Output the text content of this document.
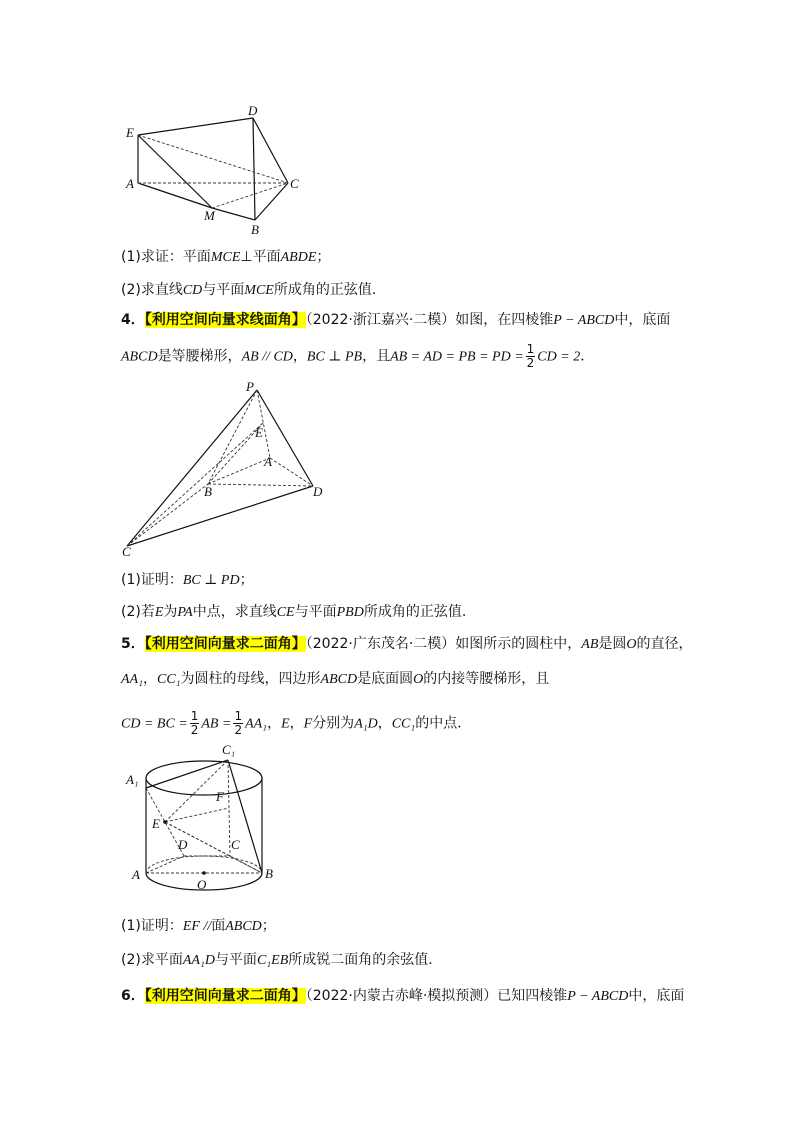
E
D
A	C
M
B
(1)求证：平面MCE⊥平面ABDE；
(2)求直线CD与平面MCE所成角的正弦值．
4．【利用空间向量求线面角】（2022·浙江嘉兴·二模）如图，在四棱锥P − ABCD中，底面
ABCD是等腰梯形，AB // CD，BC ⊥ PB，且AB = AD = PB = PD = $\frac{1}{2}$ CD = 2．
P
E
A
B	D
C
(1)证明：BC ⊥ PD；
(2)若E为PA中点，求直线CE与平面PBD所成角的正弦值.
5．【利用空间向量求二面角】（2022·广东茂名·二模）如图所示的圆柱中，AB是圆O的直径，
AA₁，CC₁为圆柱的母线，四边形ABCD是底面圆O的内接等腰梯形，且
CD = BC = $\frac{1}{2}$ AB = $\frac{1}{2} AA_1$，E，F分别为A₁D，CC₁的中点．
C₁
A₁
F
E
D	C
A
O
B
(1)证明：EF //面ABCD；
(2)求平面AA₁D与平面C₁EB所成锐二面角的余弦值．
6．【利用空间向量求二面角】（2022·内蒙古赤峰·模拟预测）已知四棱锥P − ABCD中，底面
